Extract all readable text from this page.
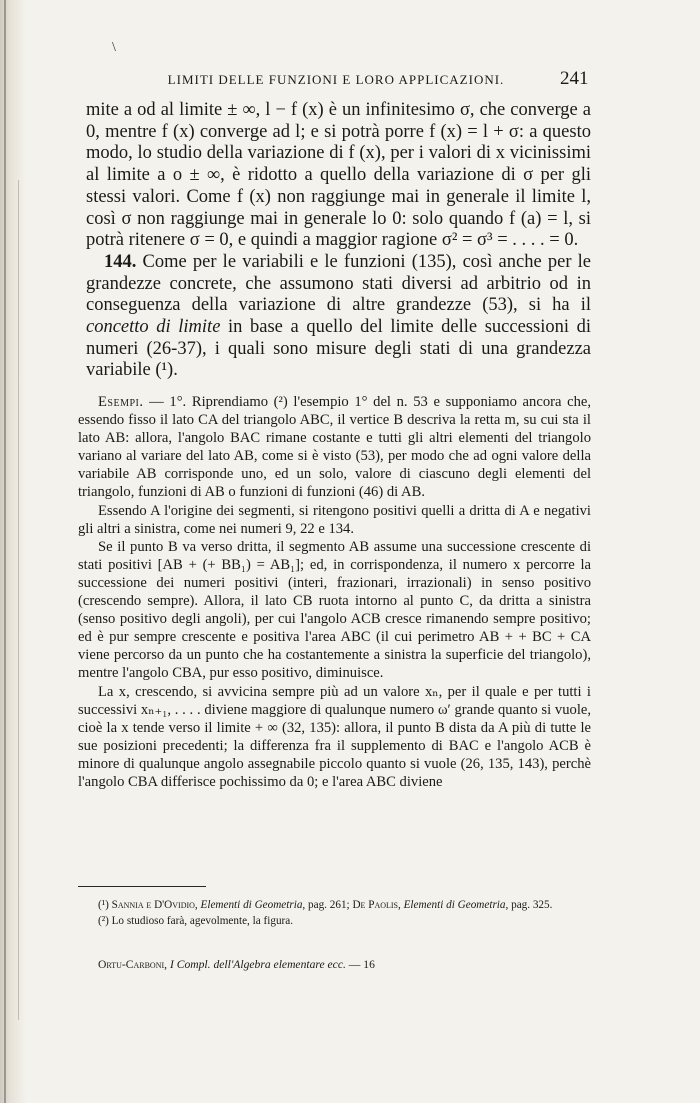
\
LIMITI DELLE FUNZIONI E LORO APPLICAZIONI.	241

mite a od al limite ± ∞, l − f (x) è un infinitesimo σ, che converge a 0, mentre f (x) converge ad l; e si potrà porre f (x) = l + σ: a questo modo, lo studio della variazione di f (x), per i valori di x vicinissimi al limite a o ± ∞, è ridotto a quello della variazione di σ per gli stessi valori. Come f (x) non raggiunge mai in generale il limite l, così σ non raggiunge mai in generale lo 0: solo quando f (a) = l, si potrà ritenere σ = 0, e quindi a maggior ragione σ² = σ³ = . . . . = 0.

144. Come per le variabili e le funzioni (135), così anche per le grandezze concrete, che assumono stati diversi ad arbitrio od in conseguenza della variazione di altre grandezze (53), si ha il concetto di limite in base a quello del limite delle successioni di numeri (26-37), i quali sono misure degli stati di una grandezza variabile (¹).

Esempi. — 1°. Riprendiamo (²) l'esempio 1° del n. 53 e supponiamo ancora che, essendo fisso il lato CA del triangolo ABC, il vertice B descriva la retta m, su cui sta il lato AB: allora, l'angolo BAC rimane costante e tutti gli altri elementi del triangolo variano al variare del lato AB, come si è visto (53), per modo che ad ogni valore della variabile AB corrisponde uno, ed un solo, valore di ciascuno degli elementi del triangolo, funzioni di AB o funzioni di funzioni (46) di AB.

Essendo A l'origine dei segmenti, si ritengono positivi quelli a dritta di A e negativi gli altri a sinistra, come nei numeri 9, 22 e 134.

Se il punto B va verso dritta, il segmento AB assume una successione crescente di stati positivi [AB + (+ BB₁) = AB₁]; ed, in corrispondenza, il numero x percorre la successione dei numeri positivi (interi, frazionari, irrazionali) in senso positivo (crescendo sempre). Allora, il lato CB ruota intorno al punto C, da dritta a sinistra (senso positivo degli angoli), per cui l'angolo ACB cresce rimanendo sempre positivo; ed è pur sempre crescente e positiva l'area ABC (il cui perimetro AB + + BC + CA viene percorso da un punto che ha costantemente a sinistra la superficie del triangolo), mentre l'angolo CBA, pur esso positivo, diminuisce.

La x, crescendo, si avvicina sempre più ad un valore xₙ, per il quale e per tutti i successivi xₙ₊₁, . . . . diviene maggiore di qualunque numero ω′ grande quanto si vuole, cioè la x tende verso il limite + ∞ (32, 135): allora, il punto B dista da A più di tutte le sue posizioni precedenti; la differenza fra il supplemento di BAC e l'angolo ACB è minore di qualunque angolo assegnabile piccolo quanto si vuole (26, 135, 143), perchè l'angolo CBA differisce pochissimo da 0; e l'area ABC diviene

(¹) Sannia e D'Ovidio, Elementi di Geometria, pag. 261; De Paolis, Elementi di Geometria, pag. 325.

(²) Lo studioso farà, agevolmente, la figura.

Ortu-Carboni, I Compl. dell'Algebra elementare ecc. — 16
